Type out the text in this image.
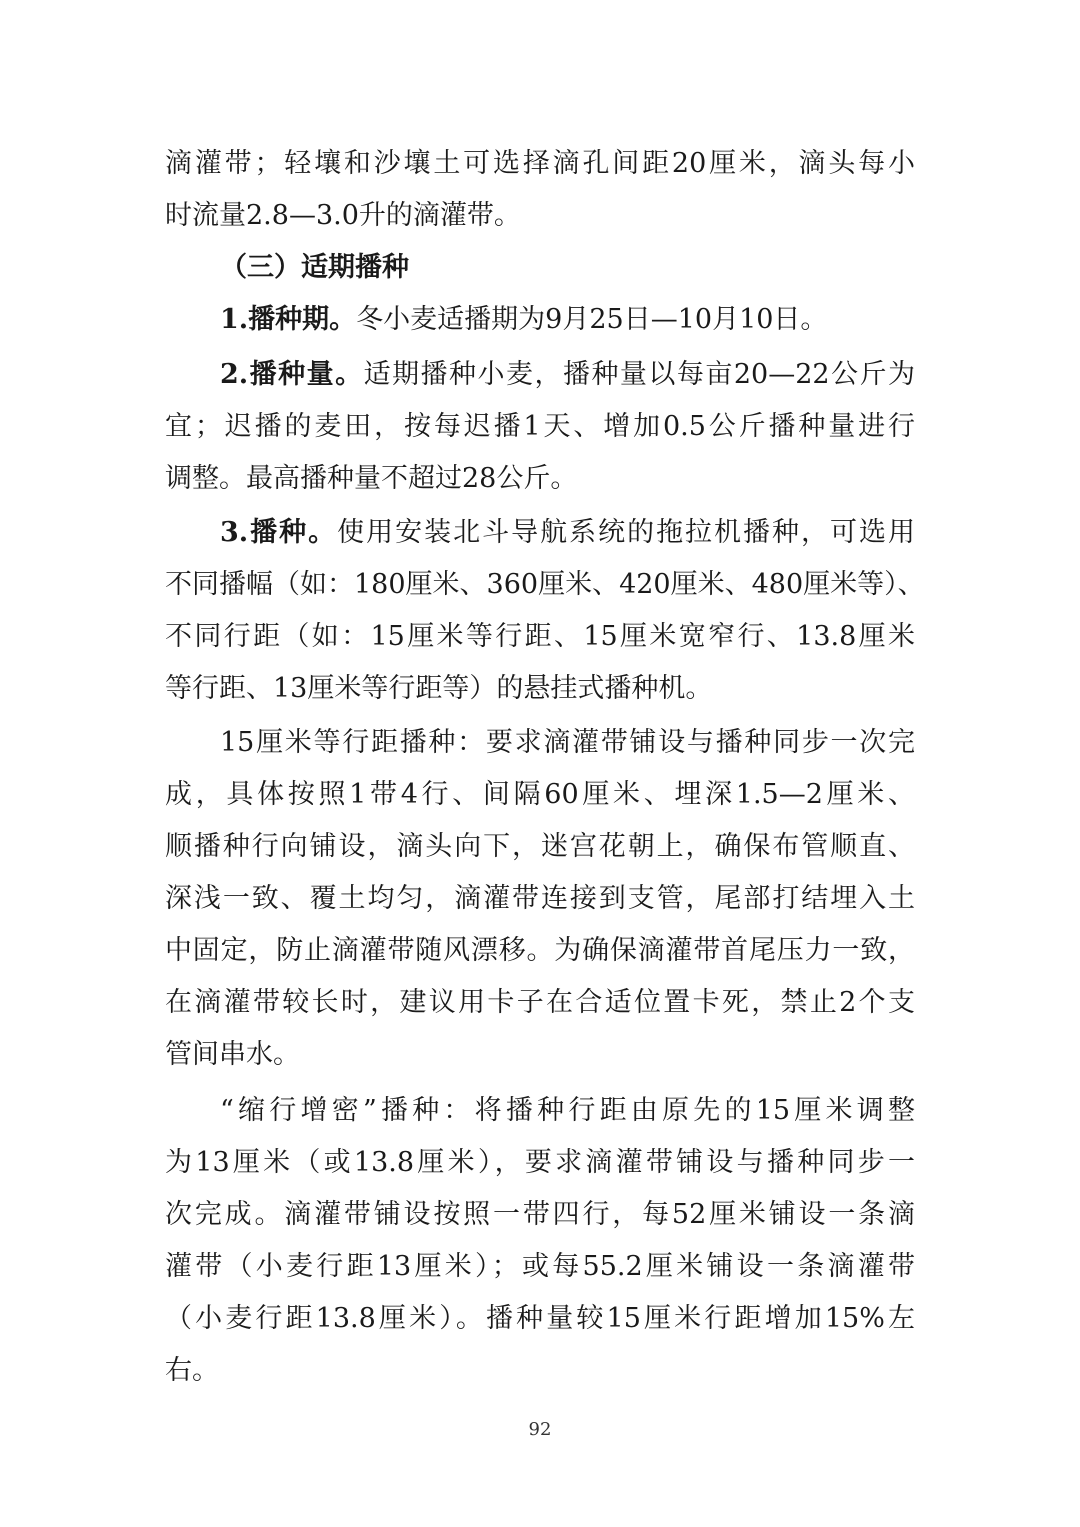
滴灌带；轻壤和沙壤土可选择滴孔间距20厘米，滴头每小
时流量2.8—3.0升的滴灌带。
（三）适期播种
1.播种期。冬小麦适播期为9月25日—10月10日。
2.播种量。适期播种小麦，播种量以每亩20—22公斤为
宜；迟播的麦田，按每迟播1天、增加0.5公斤播种量进行
调整。最高播种量不超过28公斤。
3.播种。使用安装北斗导航系统的拖拉机播种，可选用
不同播幅（如：180厘米、360厘米、420厘米、480厘米等）、
不同行距（如：15厘米等行距、15厘米宽窄行、13.8厘米
等行距、13厘米等行距等）的悬挂式播种机。
15厘米等行距播种：要求滴灌带铺设与播种同步一次完
成，具体按照1带4行、间隔60厘米、埋深1.5—2厘米、
顺播种行向铺设，滴头向下，迷宫花朝上，确保布管顺直、
深浅一致、覆土均匀，滴灌带连接到支管，尾部打结埋入土
中固定，防止滴灌带随风漂移。为确保滴灌带首尾压力一致，
在滴灌带较长时，建议用卡子在合适位置卡死，禁止2个支
管间串水。
“缩行增密”播种：将播种行距由原先的15厘米调整
为13厘米（或13.8厘米），要求滴灌带铺设与播种同步一
次完成。滴灌带铺设按照一带四行，每52厘米铺设一条滴
灌带（小麦行距13厘米）；或每55.2厘米铺设一条滴灌带
（小麦行距13.8厘米）。播种量较15厘米行距增加15%左
右。
92
